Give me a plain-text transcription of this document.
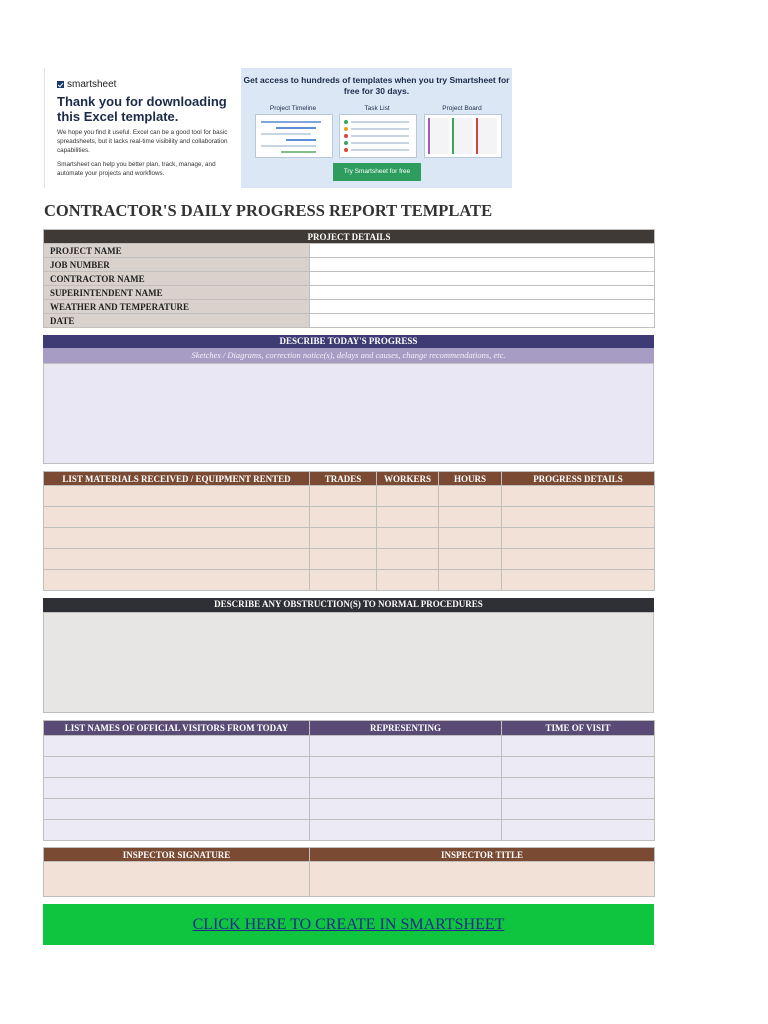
smartsheet
Thank you for downloading this Excel template.
We hope you find it useful. Excel can be a good tool for basic spreadsheets, but it lacks real-time visibility and collaboration capabilities.
Smartsheet can help you better plan, track, manage, and automate your projects and workflows.
Get access to hundreds of templates when you try Smartsheet for free for 30 days.
Project Timeline	Task List	Project Board
Try Smartsheet for free
CONTRACTOR'S DAILY PROGRESS REPORT TEMPLATE
PROJECT DETAILS	
PROJECT NAME	
JOB NUMBER	
CONTRACTOR NAME	
SUPERINTENDENT NAME	
WEATHER AND TEMPERATURE	
DATE	
DESCRIBE TODAY'S PROGRESS
Sketches / Diagrams, correction notice(s), delays and causes, change recommendations, etc.
LIST MATERIALS RECEIVED / EQUIPMENT RENTED	TRADES	WORKERS	HOURS	PROGRESS DETAILS

DESCRIBE ANY OBSTRUCTION(S) TO NORMAL PROCEDURES
LIST NAMES OF OFFICIAL VISITORS FROM TODAY	REPRESENTING	TIME OF VISIT

INSPECTOR SIGNATURE	INSPECTOR TITLE

CLICK HERE TO CREATE IN SMARTSHEET
